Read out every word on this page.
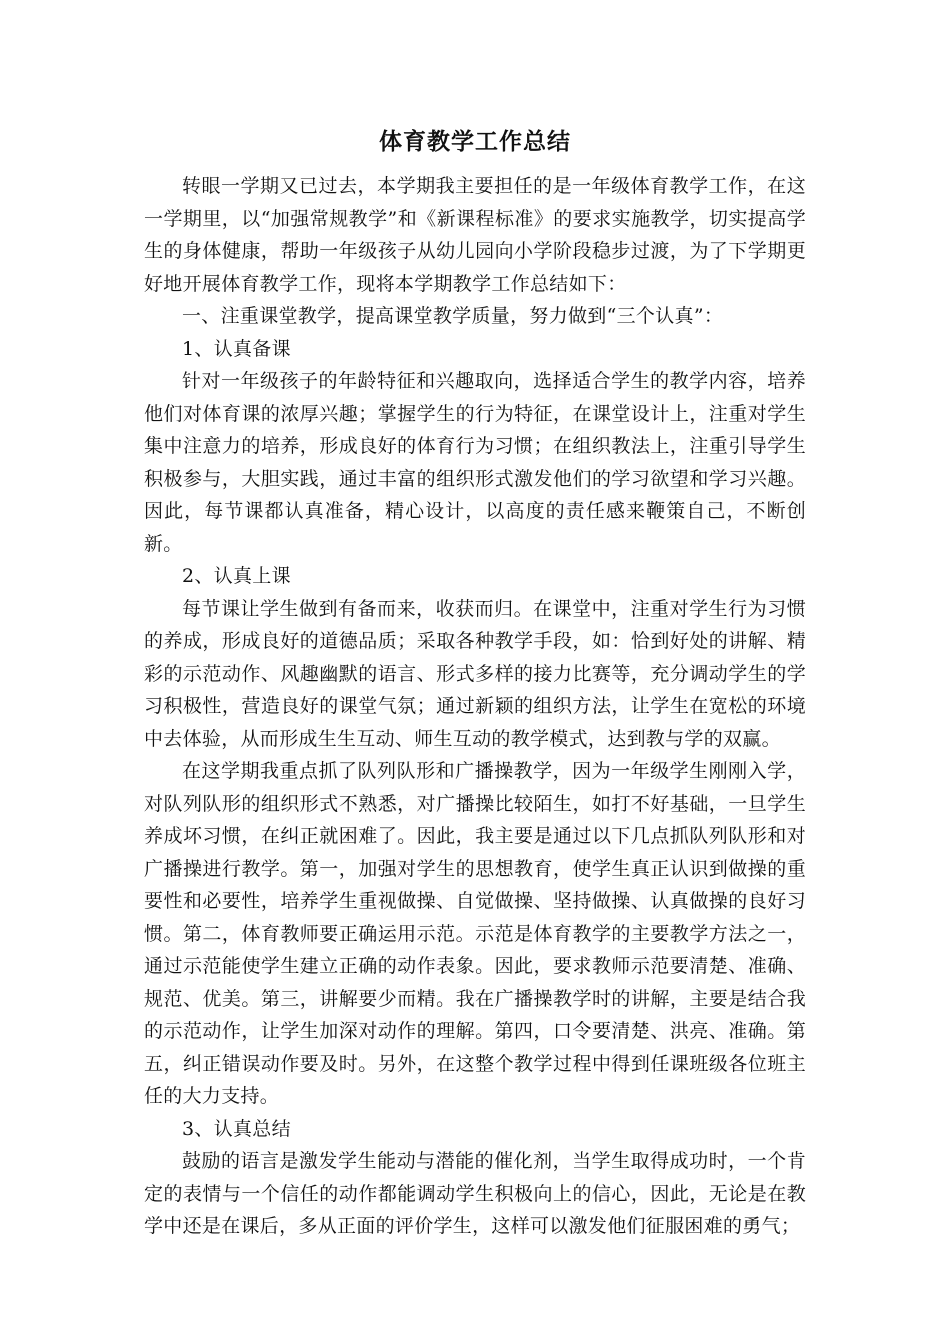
体育教学工作总结

转眼一学期又已过去，本学期我主要担任的是一年级体育教学工作，在这一学期里，以“加强常规教学”和《新课程标准》的要求实施教学，切实提高学生的身体健康，帮助一年级孩子从幼儿园向小学阶段稳步过渡，为了下学期更好地开展体育教学工作，现将本学期教学工作总结如下：

一、注重课堂教学，提高课堂教学质量，努力做到“三个认真”：

1、认真备课

针对一年级孩子的年龄特征和兴趣取向，选择适合学生的教学内容，培养他们对体育课的浓厚兴趣；掌握学生的行为特征，在课堂设计上，注重对学生集中注意力的培养，形成良好的体育行为习惯；在组织教法上，注重引导学生积极参与，大胆实践，通过丰富的组织形式激发他们的学习欲望和学习兴趣。因此，每节课都认真准备，精心设计，以高度的责任感来鞭策自己，不断创新。

2、认真上课

每节课让学生做到有备而来，收获而归。在课堂中，注重对学生行为习惯的养成，形成良好的道德品质；采取各种教学手段，如：恰到好处的讲解、精彩的示范动作、风趣幽默的语言、形式多样的接力比赛等，充分调动学生的学习积极性，营造良好的课堂气氛；通过新颖的组织方法，让学生在宽松的环境中去体验，从而形成生生互动、师生互动的教学模式，达到教与学的双赢。

在这学期我重点抓了队列队形和广播操教学，因为一年级学生刚刚入学，对队列队形的组织形式不熟悉，对广播操比较陌生，如打不好基础，一旦学生养成坏习惯，在纠正就困难了。因此，我主要是通过以下几点抓队列队形和对广播操进行教学。第一，加强对学生的思想教育，使学生真正认识到做操的重要性和必要性，培养学生重视做操、自觉做操、坚持做操、认真做操的良好习惯。第二，体育教师要正确运用示范。示范是体育教学的主要教学方法之一，通过示范能使学生建立正确的动作表象。因此，要求教师示范要清楚、准确、规范、优美。第三，讲解要少而精。我在广播操教学时的讲解，主要是结合我的示范动作，让学生加深对动作的理解。第四，口令要清楚、洪亮、准确。第五，纠正错误动作要及时。另外，在这整个教学过程中得到任课班级各位班主任的大力支持。

3、认真总结

鼓励的语言是激发学生能动与潜能的催化剂，当学生取得成功时，一个肯定的表情与一个信任的动作都能调动学生积极向上的信心，因此，无论是在教学中还是在课后，多从正面的评价学生，这样可以激发他们征服困难的勇气；
